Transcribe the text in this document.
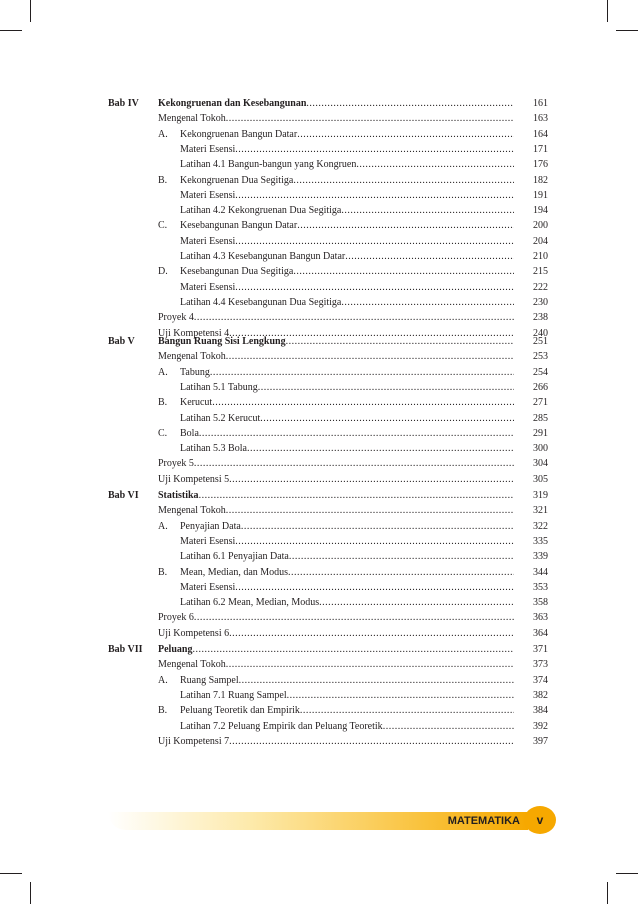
Bab IV Kekongruenan dan Kesebangunan .....	161
Mengenal Tokoh .....	163
A.	Kekongruenan Bangun Datar .....	164
Materi Esensi .....	171
Latihan 4.1 Bangun-bangun yang Kongruen .....	176
B.	Kekongruenan Dua Segitiga .....	182
Materi Esensi .....	191
Latihan 4.2 Kekongruenan Dua Segitiga .....	194
C.	Kesebangunan Bangun Datar .....	200
Materi Esensi .....	204
Latihan 4.3 Kesebangunan Bangun Datar .....	210
D.	Kesebangunan Dua Segitiga .....	215
Materi Esensi .....	222
Latihan 4.4 Kesebangunan Dua Segitiga .....	230
Proyek 4 .....	238
Uji Kompetensi 4 .....	240
Bab V Bangun Ruang Sisi Lengkung .....	251
Mengenal Tokoh .....	253
A.	Tabung .....	254
Latihan 5.1 Tabung .....	266
B.	Kerucut .....	271
Latihan 5.2 Kerucut .....	285
C.	Bola .....	291
Latihan 5.3 Bola .....	300
Proyek 5 .....	304
Uji Kompetensi 5 .....	305
Bab VI Statistika .....	319
Mengenal Tokoh .....	321
A.	Penyajian Data .....	322
Materi Esensi .....	335
Latihan 6.1 Penyajian Data .....	339
B.	Mean, Median, dan Modus .....	344
Materi Esensi .....	353
Latihan 6.2 Mean, Median, Modus .....	358
Proyek 6 .....	363
Uji Kompetensi 6 .....	364
Bab VII Peluang .....	371
Mengenal Tokoh .....	373
A.	Ruang Sampel .....	374
Latihan 7.1 Ruang Sampel .....	382
B.	Peluang Teoretik dan Empirik .....	384
Latihan 7.2 Peluang Empirik dan Peluang Teoretik .....	392
Uji Kompetensi 7 .....	397
MATEMATIKA	v
